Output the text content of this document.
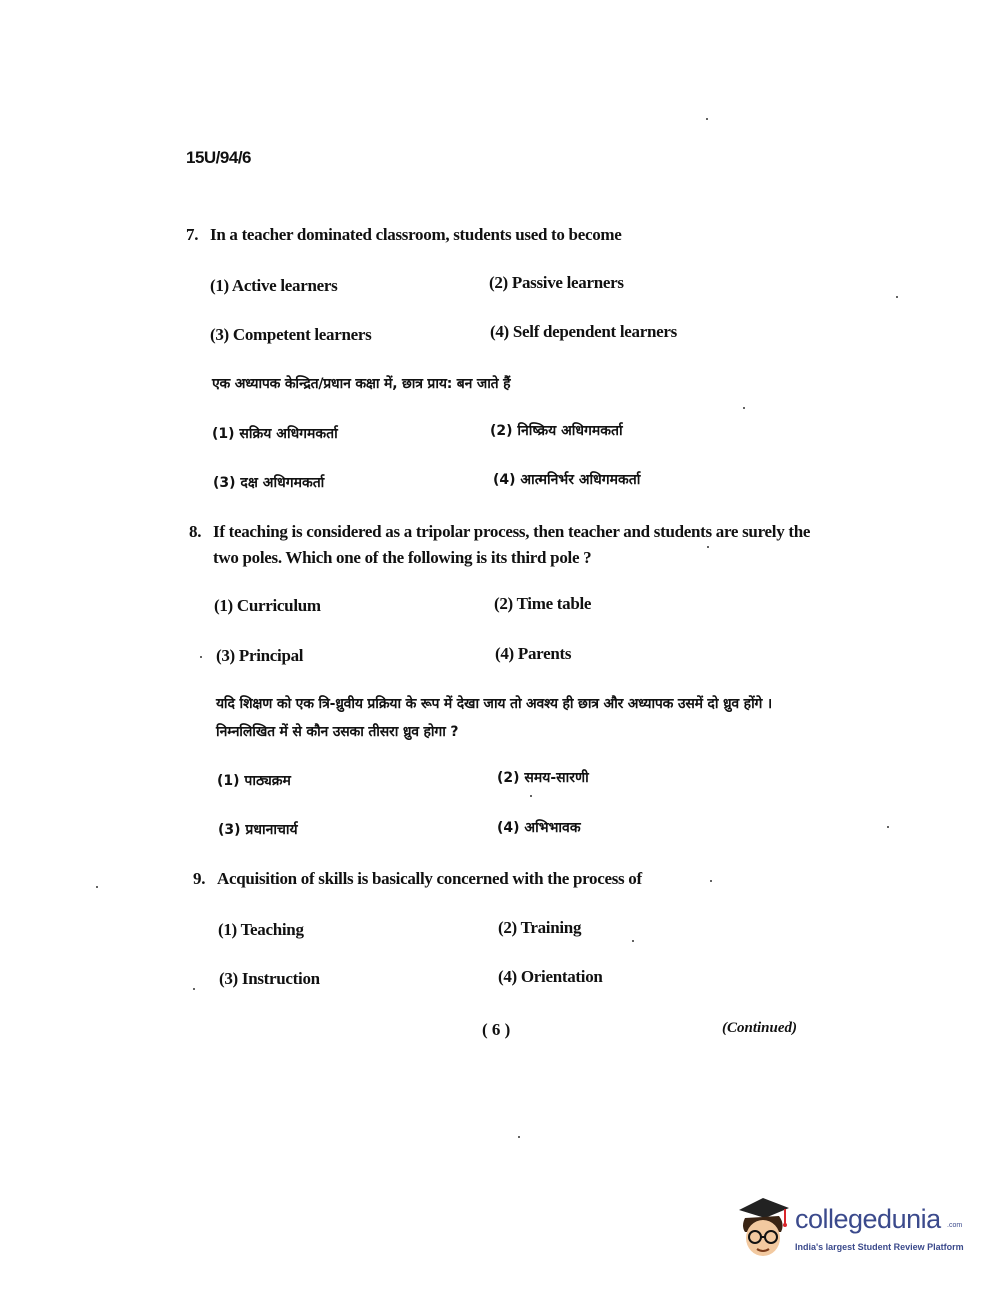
15U/94/6
7. In a teacher dominated classroom, students used to become
(1) Active learners	(2) Passive learners
(3) Competent learners	(4) Self dependent learners
एक अध्यापक केन्द्रित/प्रधान कक्षा में, छात्र प्राय: बन जाते हैं
(1) सक्रिय अधिगमकर्ता	(2) निष्क्रिय अधिगमकर्ता
(3) दक्ष अधिगमकर्ता	(4) आत्मनिर्भर अधिगमकर्ता
8. If teaching is considered as a tripolar process, then teacher and students are surely the two poles. Which one of the following is its third pole ?
(1) Curriculum	(2) Time table
(3) Principal	(4) Parents
यदि शिक्षण को एक त्रि-ध्रुवीय प्रक्रिया के रूप में देखा जाय तो अवश्य ही छात्र और अध्यापक उसमें दो ध्रुव होंगे । निम्नलिखित में से कौन उसका तीसरा ध्रुव होगा ?
(1) पाठ्यक्रम	(2) समय-सारणी
(3) प्रधानाचार्य	(4) अभिभावक
9. Acquisition of skills is basically concerned with the process of
(1) Teaching	(2) Training
(3) Instruction	(4) Orientation
( 6 )	(Continued)
collegedunia .com
India's largest Student Review Platform
